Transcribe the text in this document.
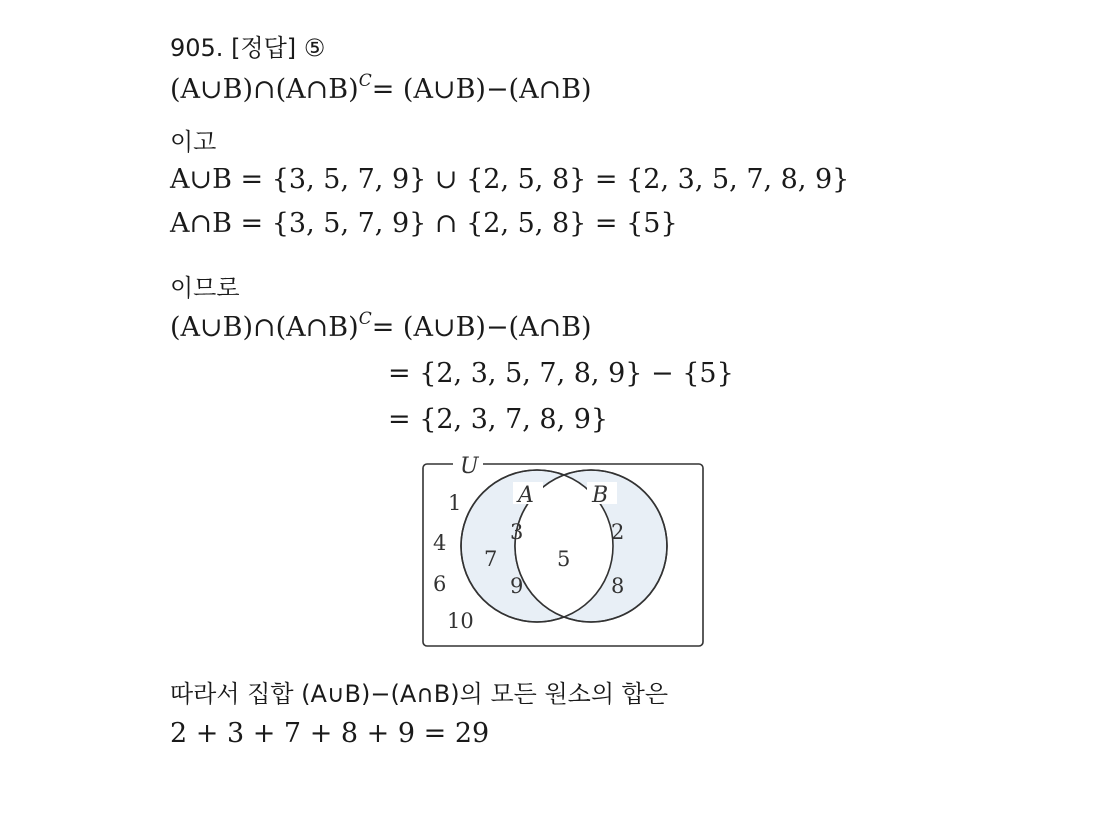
905. [정답] ⑤
(A∪B)∩(A∩B)$^C$= (A∪B)−(A∩B)
이고
A∪B = {3, 5, 7, 9} ∪ {2, 5, 8} = {2, 3, 5, 7, 8, 9}
A∩B = {3, 5, 7, 9} ∩ {2, 5, 8} = {5}
이므로
(A∪B)∩(A∩B)$^C$= (A∪B)−(A∩B)
= {2, 3, 5, 7, 8, 9} − {5}
= {2, 3, 7, 8, 9}
U
A	B
1
4
6
10
3
7
9
5
2
8
따라서 집합 (A∪B)−(A∩B)의 모든 원소의 합은
2 + 3 + 7 + 8 + 9 = 29
